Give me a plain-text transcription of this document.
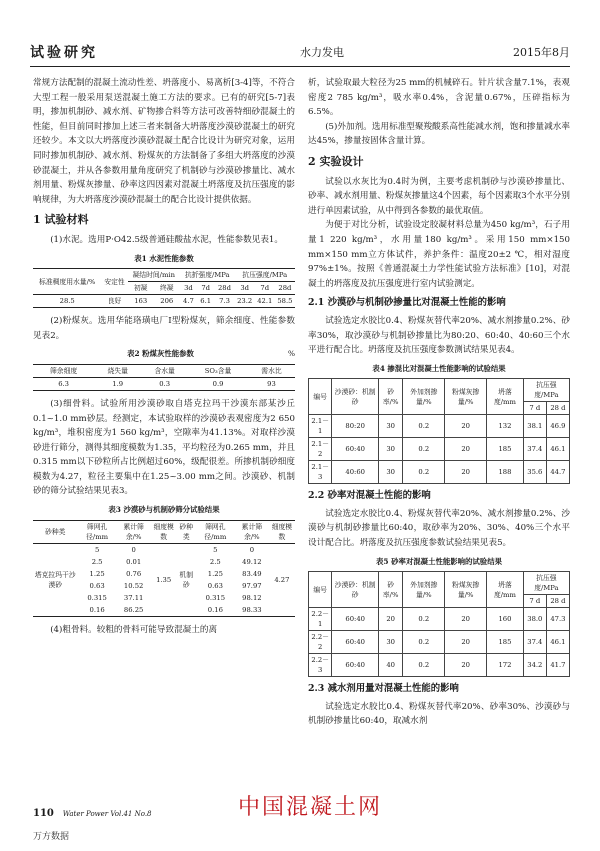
试验研究	水力发电	2015年8月

常规方法配制的混凝土流动性差、坍落度小、易离析[3-4]等，不符合大型工程一般采用泵送混凝土施工方法的要求。已有的研究[5-7]表明，掺加机制砂、减水剂、矿物掺合料等方法可改善特细砂混凝土的性能，但目前同时掺加上述三者来制备大坍落度沙漠砂混凝土的研究还较少。本文以大坍落度沙漠砂混凝土配合比设计为研究对象，运用同时掺加机制砂、减水剂、粉煤灰的方法制备了多组大坍落度的沙漠砂混凝土，并从各参数用量角度研究了机制砂与沙漠砂掺量比、减水剂用量、粉煤灰掺量、砂率这四因素对混凝土坍落度及抗压强度的影响规律，为大坍落度沙漠砂混凝土的配合比设计提供依据。

1 试验材料

(1)水泥。选用P·O42.5级普通硅酸盐水泥，性能参数见表1。

表1 水泥性能参数
标准稠度用水量/%	安定性	凝结时间/min		抗折强度/MPa			抗压强度/MPa		
		初凝	终凝	3d	7d	28d	3d	7d	28d
28.5	良好	163	206	4.7	6.1	7.3	23.2	42.1	58.5

(2)粉煤灰。选用华能珞璜电厂Ⅰ型粉煤灰，筛余细度、性能参数见表2。

表2 粉煤灰性能参数	%
筛余细度	烧失量	含水量	SO₃含量	需水比
6.3	1.9	0.3	0.9	93

(3)细骨料。试验所用沙漠砂取自塔克拉玛干沙漠东部某沙丘0.1~1.0 mm砂层。经测定，本试验取样的沙漠砂表观密度为2 650 kg/m³，堆积密度为1 560 kg/m³，空隙率为41.13%。对取样沙漠砂进行筛分，测得其细度模数为1.35，平均粒径为0.265 mm，并且0.315 mm以下砂粒所占比例超过60%，级配很差。所掺机制砂细度模数为4.27，粒径主要集中在1.25~3.00 mm之间。沙漠砂、机制砂的筛分试验结果见表3。

表3 沙漠砂与机制砂筛分试验结果
砂种类	筛网孔径/mm	累计筛余/%	细度模数	砂种类	筛网孔径/mm	累计筛余/%	细度模数
塔克拉玛干沙漠砂	5	0	1.35	机制砂	5	0	4.27
	2.5	0.01			2.5	49.12	
	1.25	0.76			1.25	83.49	
	0.63	10.52			0.63	97.97	
	0.315	37.11			0.315	98.12	
	0.16	86.25			0.16	98.33	

(4)粗骨料。较粗的骨料可能导致混凝土的离

析，试验取最大粒径为25 mm的机械碎石。针片状含量7.1%，表观密度2 785 kg/m³，吸水率0.4%，含泥量0.67%，压碎指标为6.5%。

(5)外加剂。选用标准型聚羧酸系高性能减水剂，饱和掺量减水率达45%，掺量按固体含量计算。

2 实验设计

试验以水灰比为0.4时为例，主要考虑机制砂与沙漠砂掺量比、砂率、减水剂用量、粉煤灰掺量这4个因素，每个因素取3个水平分别进行单因素试验，从中得到各参数的最优取值。

为便于对比分析，试验设定胶凝材料总量为450 kg/m³，石子用量1 220 kg/m³，水用量180 kg/m³。采用150 mm×150 mm×150 mm立方体试件，养护条件：温度20±2 ℃，相对湿度97%±1%。按照《普通混凝土力学性能试验方法标准》[10]，对混凝土的坍落度及抗压强度进行室内试验测定。

2.1 沙漠砂与机制砂掺量比对混凝土性能的影响

试验选定水胶比0.4、粉煤灰替代率20%、减水剂掺量0.2%、砂率30%，取沙漠砂与机制砂掺量比为80:20、60:40、40:60三个水平进行配合比。坍落度及抗压强度参数测试结果见表4。

表4 掺混比对混凝土性能影响的试验结果
编号	沙漠砂：机制砂	砂率/%	外加剂掺量/%	粉煤灰掺量/%	坍落度/mm	抗压强度/MPa	
						7 d	28 d
2.1－1	80:20	30	0.2	20	132	38.1	46.9
2.1－2	60:40	30	0.2	20	185	37.4	46.1
2.1－3	40:60	30	0.2	20	188	35.6	44.7
2.2 砂率对混凝土性能的影响

试验选定水胶比0.4、粉煤灰替代率20%、减水剂掺量0.2%、沙漠砂与机制砂掺量比60:40，取砂率为20%、30%、40%三个水平设计配合比。坍落度及抗压强度参数试验结果见表5。

表5 砂率对混凝土性能影响的试验结果
编号	沙漠砂：机制砂	砂率/%	外加剂掺量/%	粉煤灰掺量/%	坍落度/mm	抗压强度/MPa	
						7 d	28 d
2.2－1	60:40	20	0.2	20	160	38.0	47.3
2.2－2	60:40	30	0.2	20	185	37.4	46.1
2.2－3	60:40	40	0.2	20	172	34.2	41.7
2.3 减水剂用量对混凝土性能的影响

试验选定水胶比0.4、粉煤灰替代率20%、砂率30%、沙漠砂与机制砂掺量比60:40，取减水剂

110 Water Power Vol.41 No.8	中国混凝土网
万方数据
